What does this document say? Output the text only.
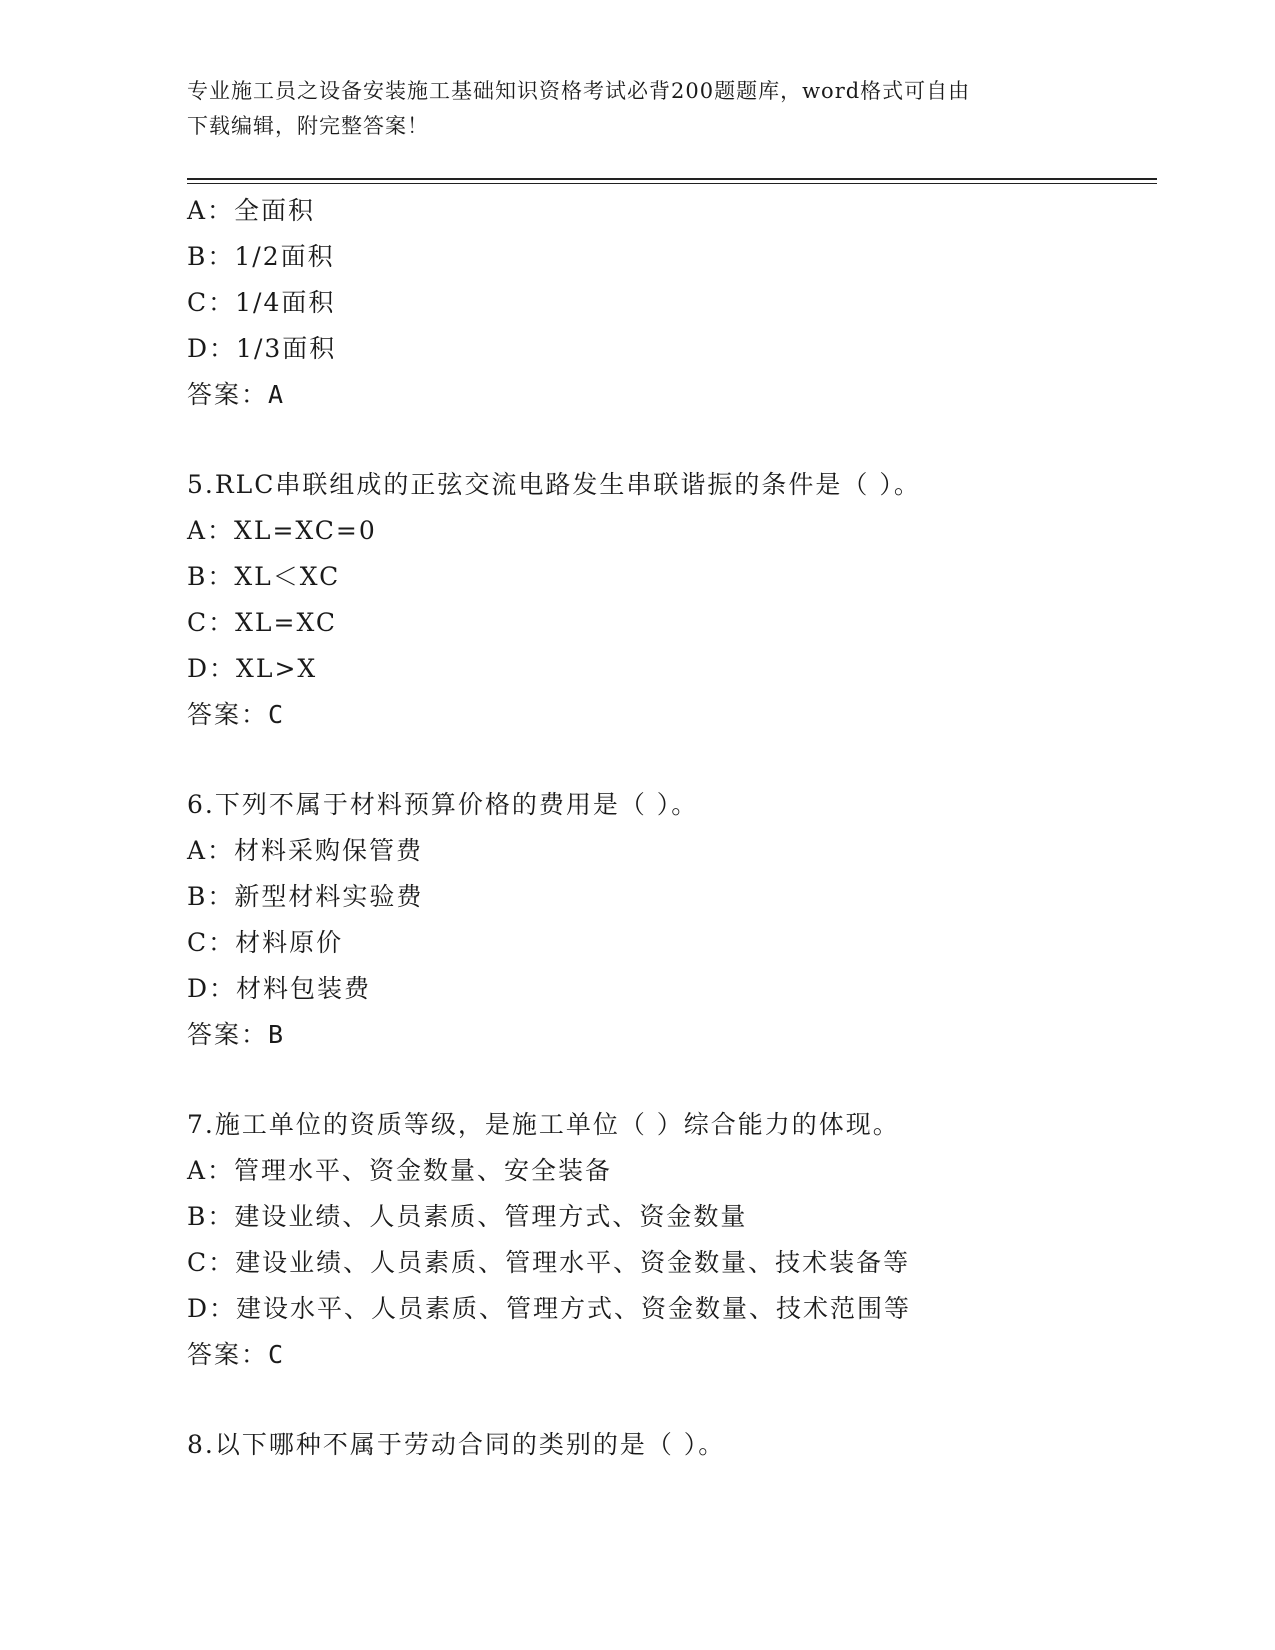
专业施工员之设备安装施工基础知识资格考试必背200题题库，word格式可自由
下载编辑，附完整答案！
A：全面积
B：1/2面积
C：1/4面积
D：1/3面积
答案：A
5.RLC串联组成的正弦交流电路发生串联谐振的条件是（ ）。
A：XL=XC=0
B：XL＜XC
C：XL=XC
D：XL>X
答案：C
6.下列不属于材料预算价格的费用是（ ）。
A：材料采购保管费
B：新型材料实验费
C：材料原价
D：材料包装费
答案：B
7.施工单位的资质等级，是施工单位（ ）综合能力的体现。
A：管理水平、资金数量、安全装备
B：建设业绩、人员素质、管理方式、资金数量
C：建设业绩、人员素质、管理水平、资金数量、技术装备等
D：建设水平、人员素质、管理方式、资金数量、技术范围等
答案：C
8.以下哪种不属于劳动合同的类别的是（ ）。
